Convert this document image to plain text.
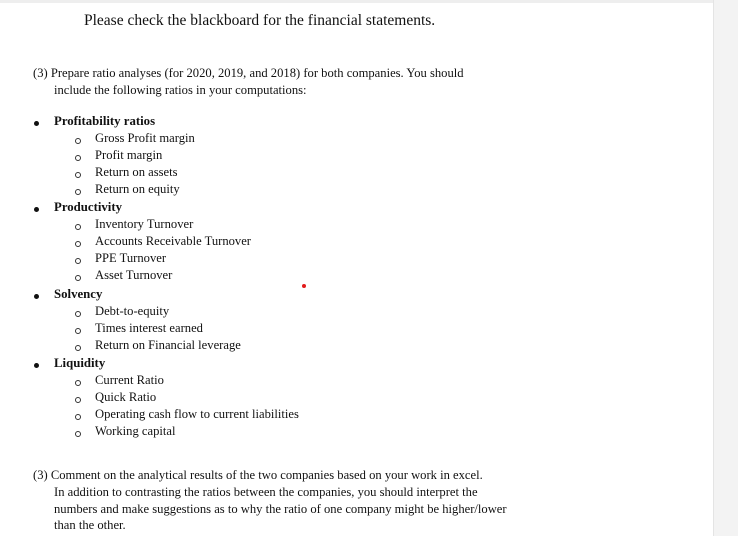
Please check the blackboard for the financial statements.
(3) Prepare ratio analyses (for 2020, 2019, and 2018) for both companies. You should

include the following ratios in your computations:
Profitability ratios
Gross Profit margin
Profit margin
Return on assets
Return on equity
Productivity
Inventory Turnover
Accounts Receivable Turnover
PPE Turnover
Asset Turnover
Solvency
Debt-to-equity
Times interest earned
Return on Financial leverage
Liquidity
Current Ratio
Quick Ratio
Operating cash flow to current liabilities
Working capital
(3) Comment on the analytical results of the two companies based on your work in excel.

In addition to contrasting the ratios between the companies, you should interpret the
numbers and make suggestions as to why the ratio of one company might be higher/lower
than the other.
